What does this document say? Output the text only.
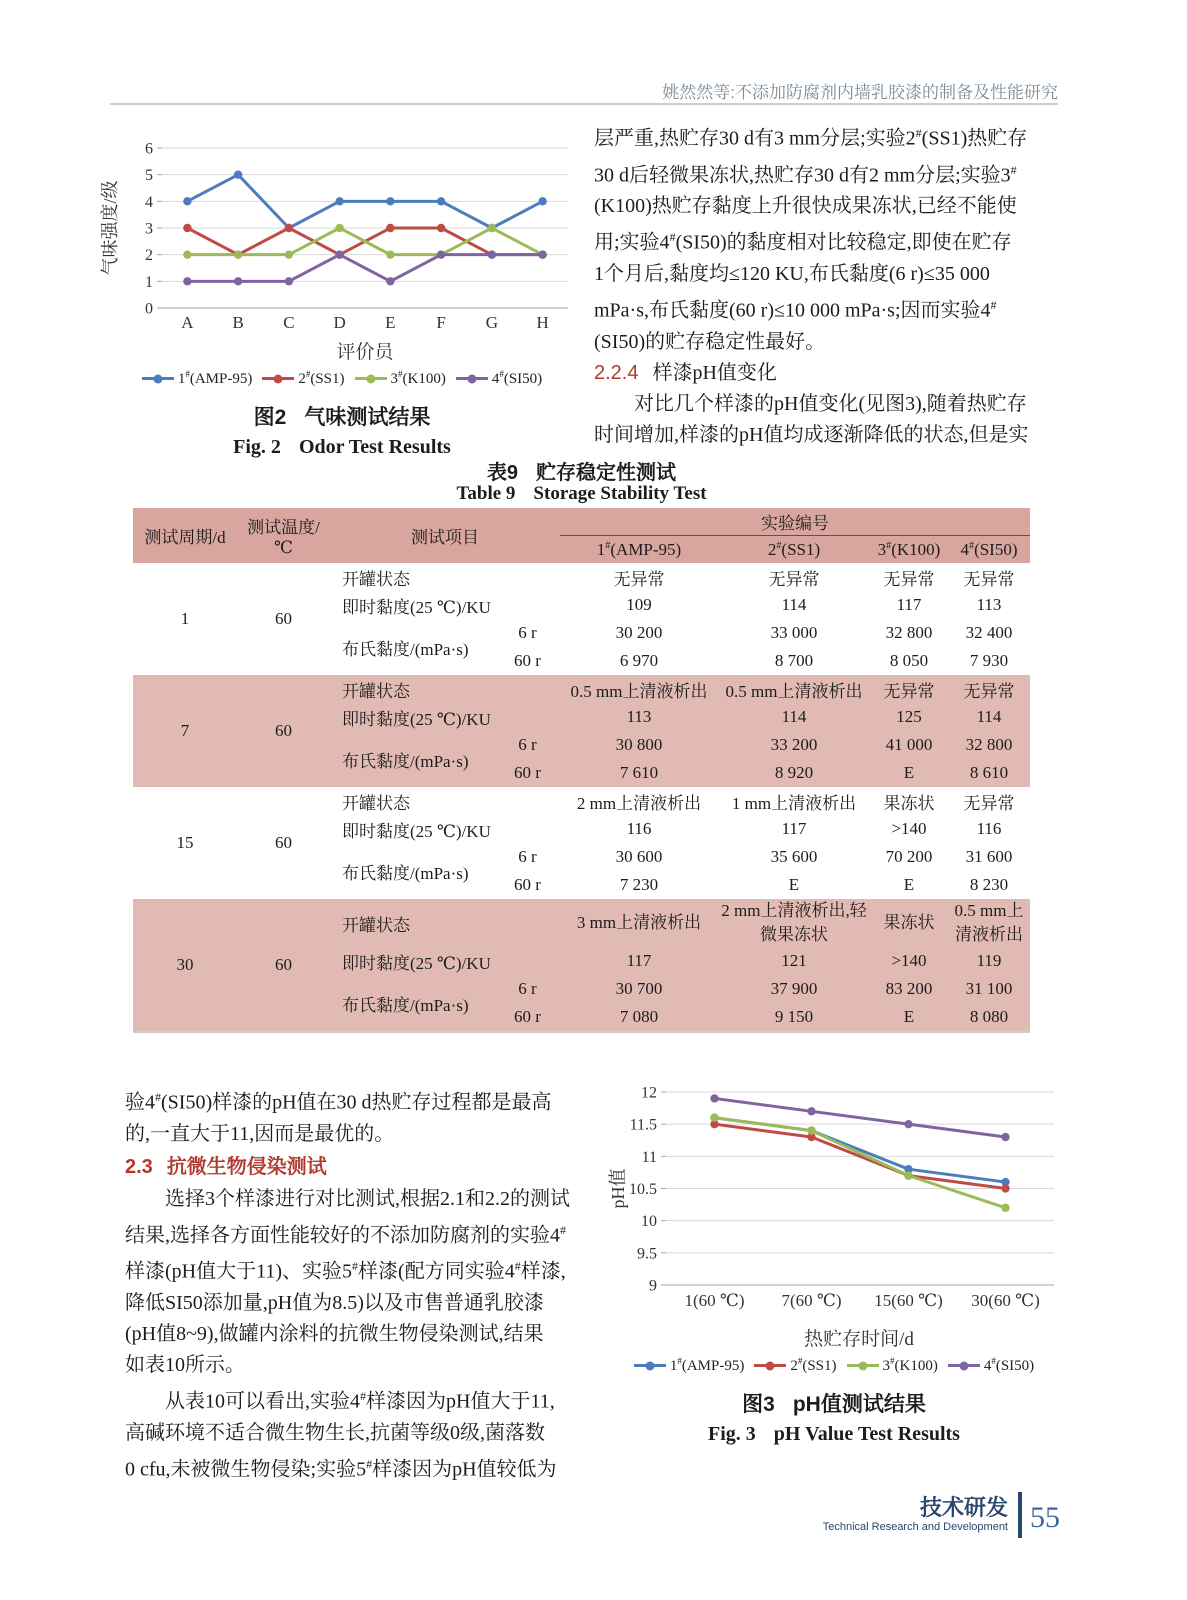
姚然然等:不添加防腐剂内墙乳胶漆的制备及性能研究
0
1
2
3
4
5
6
A B C D E F G H
气味强度/级
评价员
1#(AMP-95)	2#(SS1)	3#(K100)	4#(SI50)
图2 气味测试结果
Fig. 2 Odor Test Results
层严重,热贮存30 d有3 mm分层;实验2#(SS1)热贮存
30 d后轻微果冻状,热贮存30 d有2 mm分层;实验3#
(K100)热贮存黏度上升很快成果冻状,已经不能使
用;实验4#(SI50)的黏度相对比较稳定,即使在贮存
1个月后,黏度均≤120 KU,布氏黏度(6 r)≤35 000
mPa·s,布氏黏度(60 r)≤10 000 mPa·s;因而实验4#
(SI50)的贮存稳定性最好。
2.2.4 样漆pH值变化
　　对比几个样漆的pH值变化(见图3),随着热贮存
时间增加,样漆的pH值均成逐渐降低的状态,但是实
表9 贮存稳定性测试
Table 9 Storage Stability Test
测试周期/d	测试温度/℃	测试项目		实验编号			
				1#(AMP-95)	2#(SS1)	3#(K100)	4#(SI50)
1	60	开罐状态		无异常	无异常	无异常	无异常
		即时黏度(25 ℃)/KU		109	114	117	113
		布氏黏度/(mPa·s)	6 r	30 200	33 000	32 800	32 400
			60 r	6 970	8 700	8 050	7 930
7	60	开罐状态		0.5 mm上清液析出	0.5 mm上清液析出	无异常	无异常
		即时黏度(25 ℃)/KU		113	114	125	114
		布氏黏度/(mPa·s)	6 r	30 800	33 200	41 000	32 800
			60 r	7 610	8 920	E	8 610
15	60	开罐状态		2 mm上清液析出	1 mm上清液析出	果冻状	无异常
		即时黏度(25 ℃)/KU		116	117	>140	116
		布氏黏度/(mPa·s)	6 r	30 600	35 600	70 200	31 600
			60 r	7 230	E	E	8 230
30	60	开罐状态		3 mm上清液析出	2 mm上清液析出,轻微果冻状	果冻状	0.5 mm上清液析出
		即时黏度(25 ℃)/KU		117	121	>140	119
		布氏黏度/(mPa·s)	6 r	30 700	37 900	83 200	31 100
			60 r	7 080	9 150	E	8 080
验4#(SI50)样漆的pH值在30 d热贮存过程都是最高
的,一直大于11,因而是最优的。
2.3 抗微生物侵染测试
　　选择3个样漆进行对比测试,根据2.1和2.2的测试
结果,选择各方面性能较好的不添加防腐剂的实验4#
样漆(pH值大于11)、实验5#样漆(配方同实验4#样漆,
降低SI50添加量,pH值为8.5)以及市售普通乳胶漆
(pH值8~9),做罐内涂料的抗微生物侵染测试,结果
如表10所示。
　　从表10可以看出,实验4#样漆因为pH值大于11,
高碱环境不适合微生物生长,抗菌等级0级,菌落数
0 cfu,未被微生物侵染;实验5#样漆因为pH值较低为
9
9.5
10
10.5
11
11.5
12
1(60 ℃) 7(60 ℃) 15(60 ℃) 30(60 ℃)
pH值
热贮存时间/d
1#(AMP-95)	2#(SS1)	3#(K100)	4#(SI50)
图3 pH值测试结果
Fig. 3 pH Value Test Results
技术研发
Technical Research and Development 55
